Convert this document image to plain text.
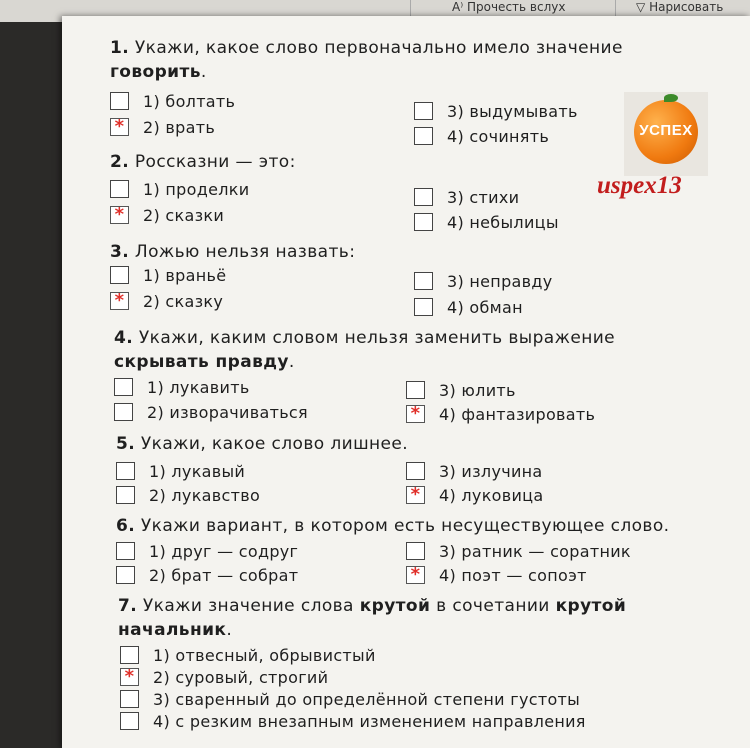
A⁾ Прочесть вслух	▽ Нарисовать
1. Укажи, какое слово первоначально имело значение
говорить.
1) болтать
* 2) врать
3) выдумывать
4) сочинять
2. Россказни — это:
1) проделки
* 2) сказки
3) стихи
4) небылицы
3. Ложью нельзя назвать:
1) враньё
* 2) сказку
3) неправду
4) обман
4. Укажи, каким словом нельзя заменить выражение
скрывать правду.
1) лукавить
2) изворачиваться
3) юлить
* 4) фантазировать
5. Укажи, какое слово лишнее.
1) лукавый
2) лукавство
3) излучина
* 4) луковица
6. Укажи вариант, в котором есть несуществующее слово.
1) друг — содруг
2) брат — собрат
3) ратник — соратник
* 4) поэт — сопоэт
7. Укажи значение слова крутой в сочетании крутой
начальник.
1) отвесный, обрывистый
* 2) суровый, строгий
3) сваренный до определённой степени густоты
4) с резким внезапным изменением направления
УСПЕХ
uspex13
